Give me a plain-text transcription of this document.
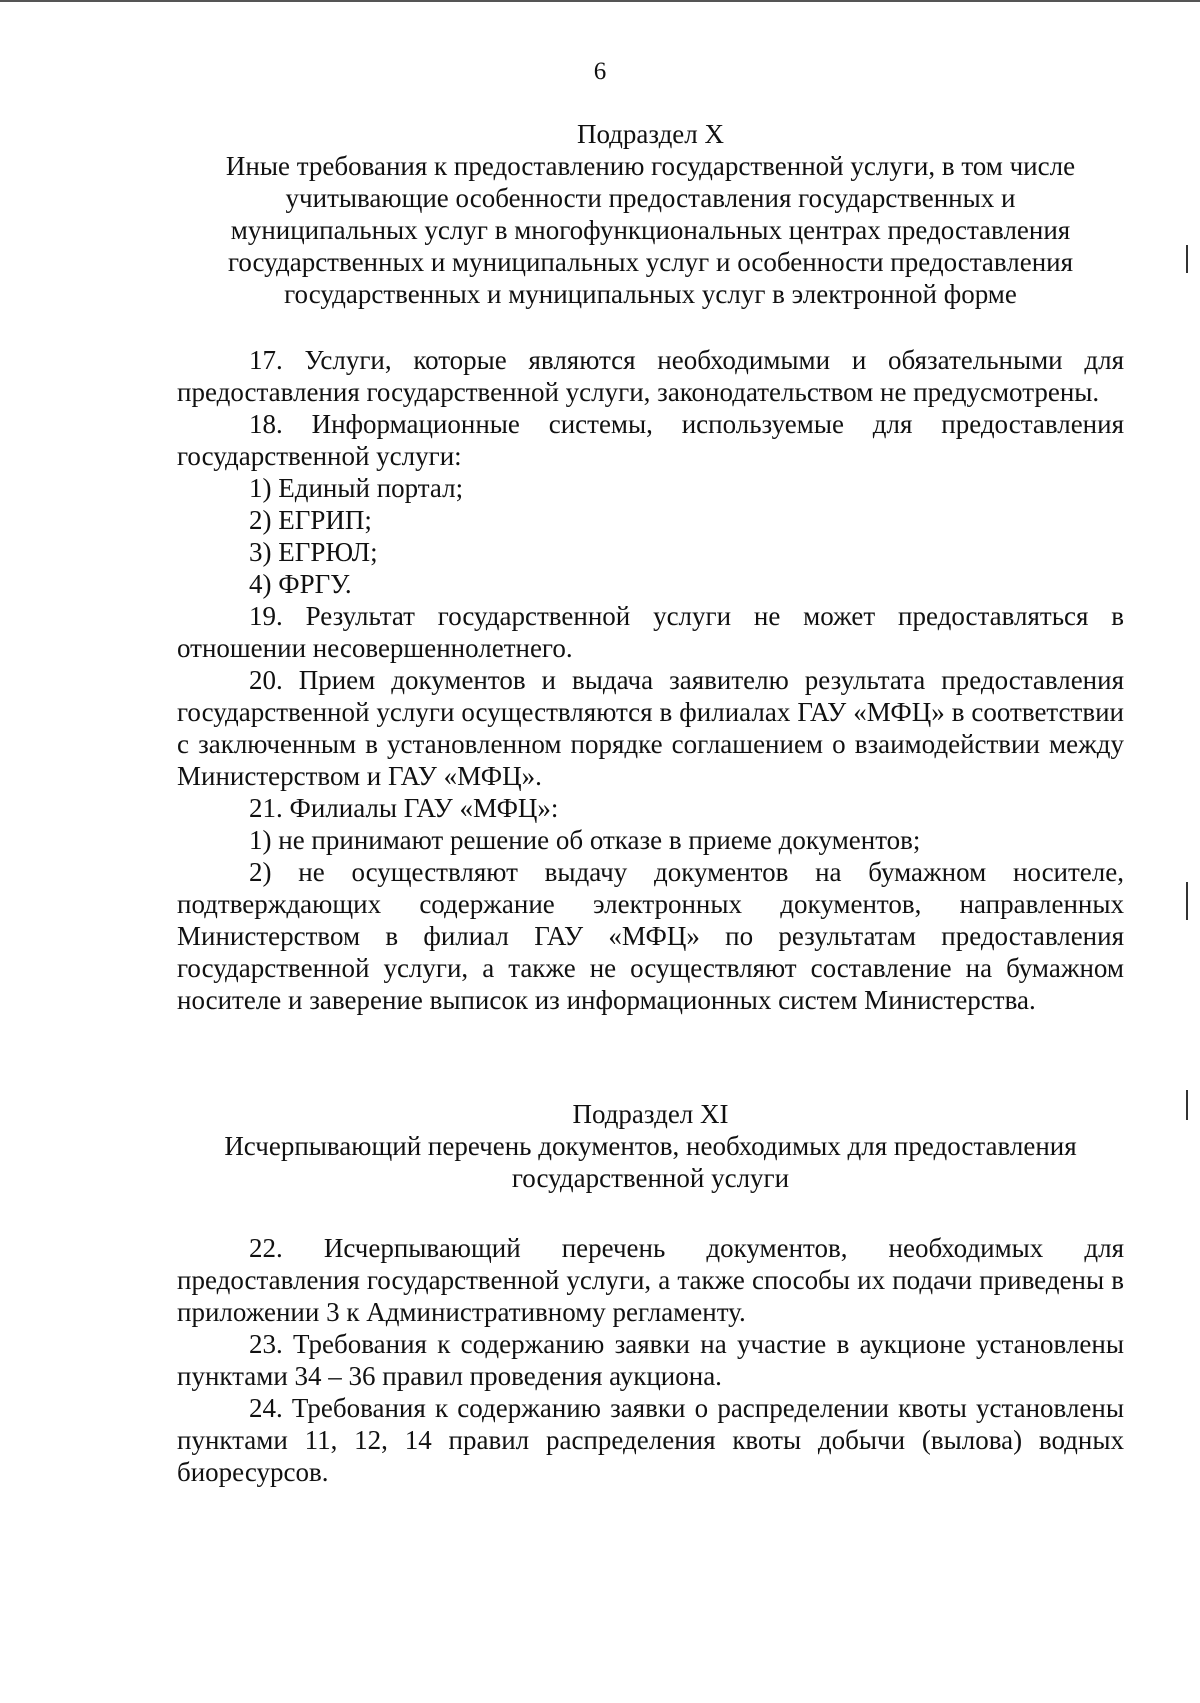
6

Подраздел X

Иные требования к предоставлению государственной услуги, в том числе

учитывающие особенности предоставления государственных и

муниципальных услуг в многофункциональных центрах предоставления

государственных и муниципальных услуг и особенности предоставления

государственных и муниципальных услуг в электронной форме

17. Услуги, которые являются необходимыми и обязательными для предоставления государственной услуги, законодательством не предусмотрены.

18. Информационные системы, используемые для предоставления государственной услуги:

1) Единый портал;

2) ЕГРИП;

3) ЕГРЮЛ;

4) ФРГУ.

19. Результат государственной услуги не может предоставляться в отношении несовершеннолетнего.

20. Прием документов и выдача заявителю результата предоставления государственной услуги осуществляются в филиалах ГАУ «МФЦ» в соответствии с заключенным в установленном порядке соглашением о взаимодействии между Министерством и ГАУ «МФЦ».

21. Филиалы ГАУ «МФЦ»:

1) не принимают решение об отказе в приеме документов;

2) не осуществляют выдачу документов на бумажном носителе, подтверждающих содержание электронных документов, направленных Министерством в филиал ГАУ «МФЦ» по результатам предоставления государственной услуги, а также не осуществляют составление на бумажном носителе и заверение выписок из информационных систем Министерства.

Подраздел XI

Исчерпывающий перечень документов, необходимых для предоставления

государственной услуги

22. Исчерпывающий перечень документов, необходимых для предоставления государственной услуги, а также способы их подачи приведены в приложении 3 к Административному регламенту.

23. Требования к содержанию заявки на участие в аукционе установлены пунктами 34 – 36 правил проведения аукциона.

24. Требования к содержанию заявки о распределении квоты установлены пунктами 11, 12, 14 правил распределения квоты добычи (вылова) водных биоресурсов.
